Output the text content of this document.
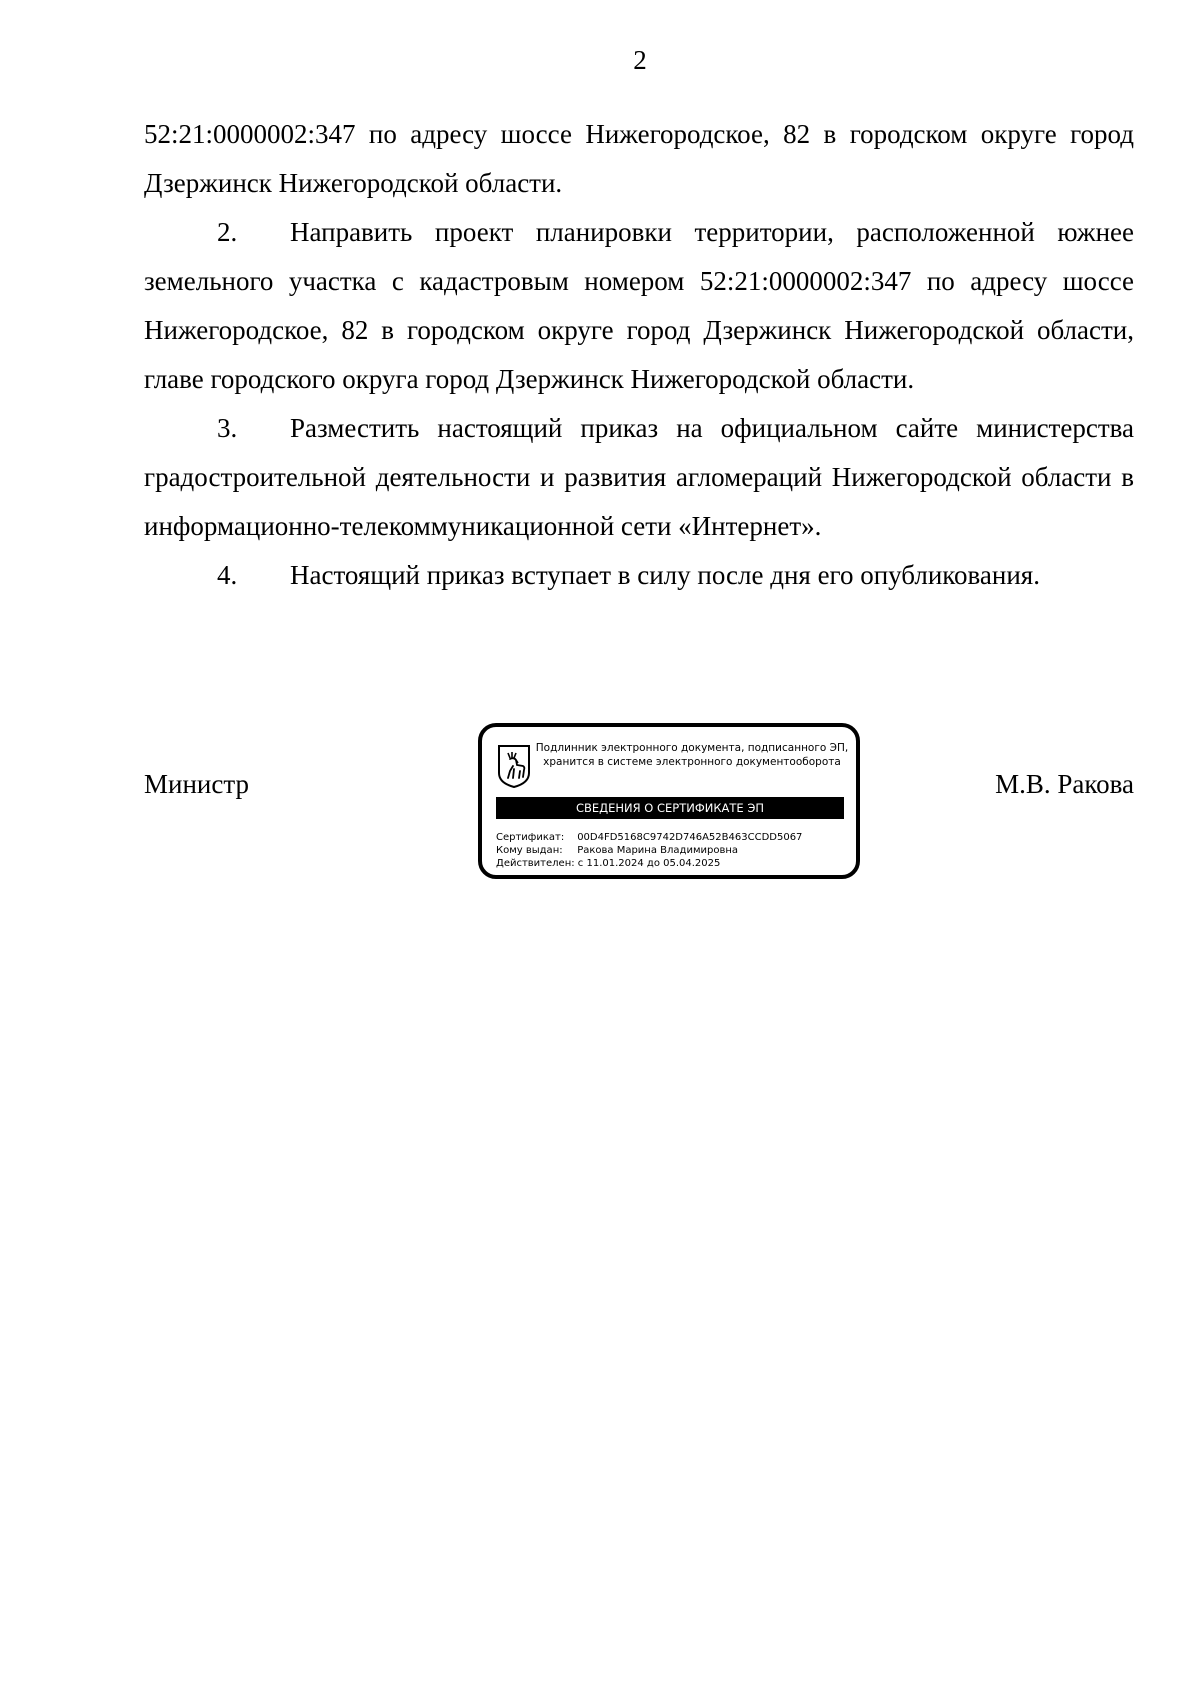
2

52:21:0000002:347 по адресу шоссе Нижегородское, 82 в городском округе город Дзержинск Нижегородской области.

2. Направить проект планировки территории, расположенной южнее земельного участка с кадастровым номером 52:21:0000002:347 по адресу шоссе Нижегородское, 82 в городском округе город Дзержинск Нижегородской области, главе городского округа город Дзержинск Нижегородской области.

3. Разместить настоящий приказ на официальном сайте министерства градостроительной деятельности и развития агломераций Нижегородской области в информационно-телекоммуникационной сети «Интернет».

4. Настоящий приказ вступает в силу после дня его опубликования.

Министр
Подлинник электронного документа, подписанного ЭП,
хранится в системе электронного документооборота
СВЕДЕНИЯ О СЕРТИФИКАТЕ ЭП
Сертификат: 00D4FD5168C9742D746A52B463CCDD5067
Кому выдан: Ракова Марина Владимировна
Действителен: с 11.01.2024 до 05.04.2025
М.В. Ракова
